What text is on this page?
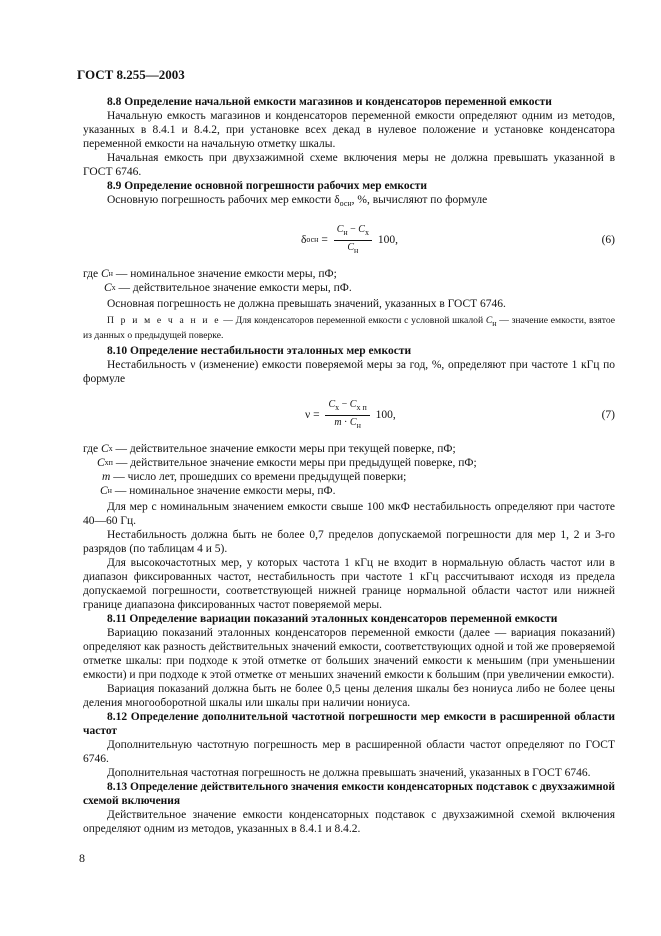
ГОСТ 8.255—2003

8.8 Определение начальной емкости магазинов и конденсаторов переменной емкости

Начальную емкость магазинов и конденсаторов переменной емкости определяют одним из методов, указанных в 8.4.1 и 8.4.2, при установке всех декад в нулевое положение и установке конденсатора переменной емкости на начальную отметку шкалы.

Начальная емкость при двухзажимной схеме включения меры не должна превышать указанной в ГОСТ 6746.

8.9 Определение основной погрешности рабочих мер емкости

Основную погрешность рабочих мер емкости $\delta_{осн}$, %, вычисляют по формуле

δ осн = $\frac{C_н - C_x}{C_н} 100$,	(6)
где C н — номинальное значение емкости меры, пФ;
C x — действительное значение емкости меры, пФ.

Основная погрешность не должна превышать значений, указанных в ГОСТ 6746.

П р и м е ч а н и е — Для конденсаторов переменной емкости с условной шкалой $C_н$ — значение емкости, взятое из данных о предыдущей поверке.

8.10 Определение нестабильности эталонных мер емкости

Нестабильность ν (изменение) емкости поверяемой меры за год, %, определяют при частоте 1 кГц по формуле

$\nu = \frac{C_x - C_{x п}}{m \cdot C_н} 100$,	(7)
где C x — действительное значение емкости меры при текущей поверке, пФ;
C xп — действительное значение емкости меры при предыдущей поверке, пФ;
m — число лет, прошедших со времени предыдущей поверки;
C н — номинальное значение емкости меры, пФ.

Для мер с номинальным значением емкости свыше 100 мкФ нестабильность определяют при частоте 40—60 Гц.

Нестабильность должна быть не более 0,7 пределов допускаемой погрешности для мер 1, 2 и 3-го разрядов (по таблицам 4 и 5).

Для высокочастотных мер, у которых частота 1 кГц не входит в нормальную область частот или в диапазон фиксированных частот, нестабильность при частоте 1 кГц рассчитывают исходя из предела допускаемой погрешности, соответствующей нижней границе нормальной области частот или нижней границе диапазона фиксированных частот поверяемой меры.

8.11 Определение вариации показаний эталонных конденсаторов переменной емкости

Вариацию показаний эталонных конденсаторов переменной емкости (далее — вариация показаний) определяют как разность действительных значений емкости, соответствующих одной и той же проверяемой отметке шкалы: при подходе к этой отметке от больших значений емкости к меньшим (при уменьшении емкости) и при подходе к этой отметке от меньших значений емкости к большим (при увеличении емкости).

Вариация показаний должна быть не более 0,5 цены деления шкалы без нониуса либо не более цены деления многооборотной шкалы или шкалы при наличии нониуса.

8.12 Определение дополнительной частотной погрешности мер емкости в расширенной области частот

Дополнительную частотную погрешность мер в расширенной области частот определяют по ГОСТ 6746.

Дополнительная частотная погрешность не должна превышать значений, указанных в ГОСТ 6746.

8.13 Определение действительного значения емкости конденсаторных подставок с двухзажимной схемой включения

Действительное значение емкости конденсаторных подставок с двухзажимной схемой включения определяют одним из методов, указанных в 8.4.1 и 8.4.2.

8
